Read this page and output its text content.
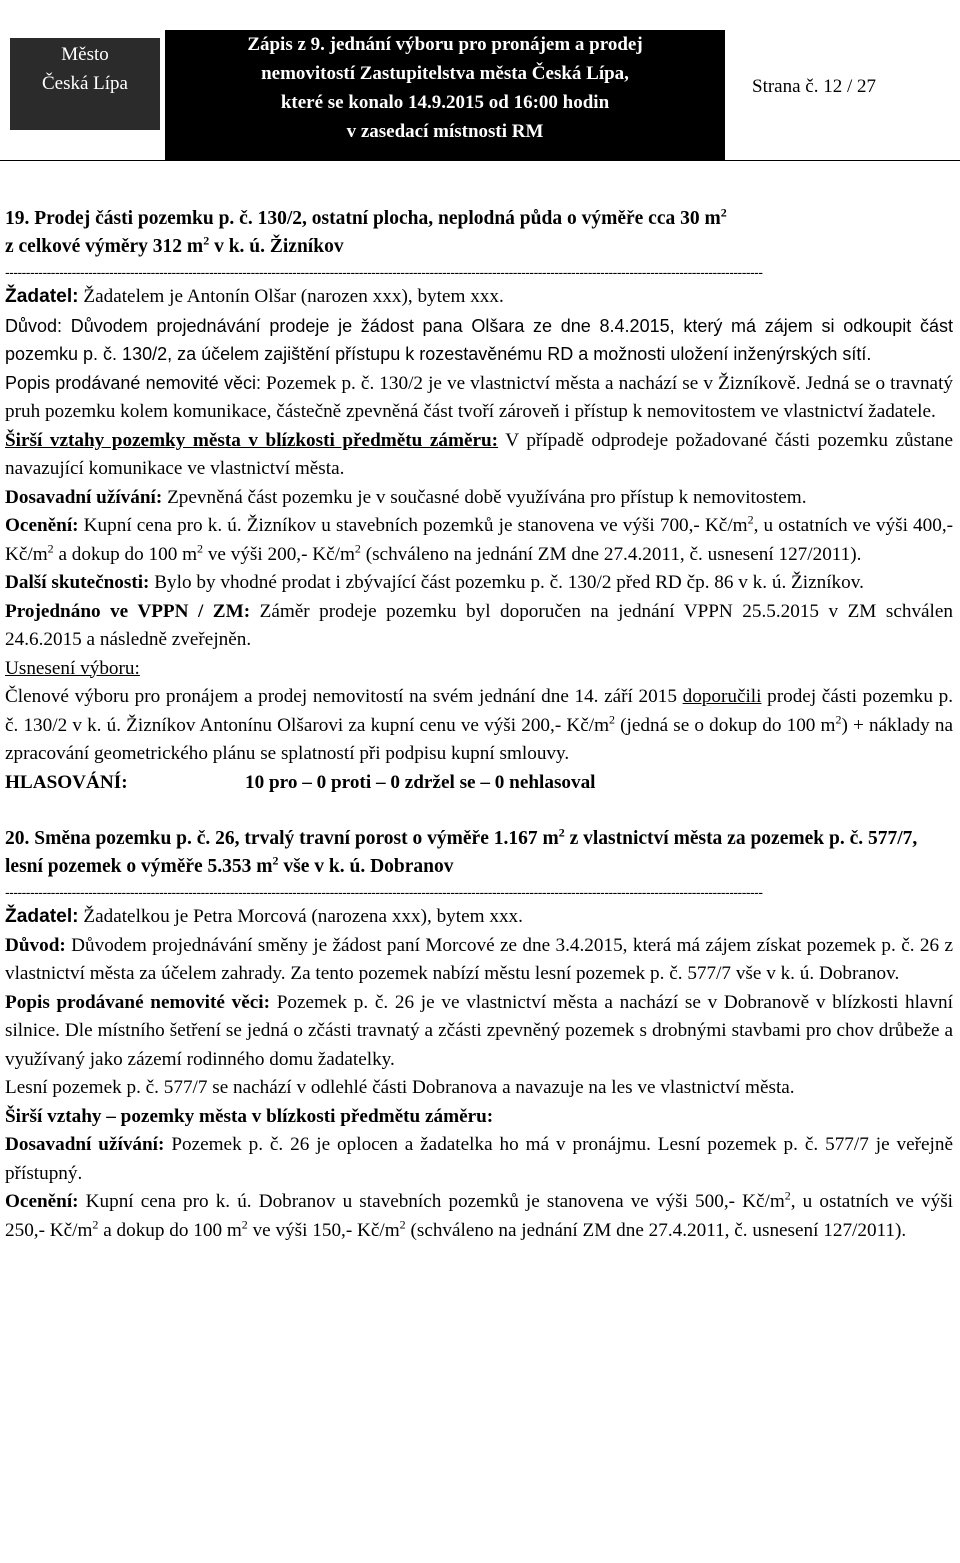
Město
Česká Lípa
Zápis z 9. jednání výboru pro pronájem a prodej
nemovitostí Zastupitelstva města Česká Lípa,
které se konalo 14.9.2015 od 16:00 hodin
v zasedací místnosti RM
Strana č. 12 / 27
19. Prodej části pozemku p. č. 130/2, ostatní plocha, neplodná půda o výměře cca 30 $m^2$
z celkové výměry 312 $m^2$ v k. ú. Žizníkov
--------------------------------------------------------------------------------------------------------------------------------------------------------------------------------------

Žadatel: Žadatelem je Antonín Olšar (narozen xxx), bytem xxx.

Důvod: Důvodem projednávání prodeje je žádost pana Olšara ze dne 8.4.2015, který má zájem si odkoupit část pozemku p. č. 130/2, za účelem zajištění přístupu k rozestavěnému RD a možnosti uložení inženýrských sítí.

Popis prodávané nemovité věci: Pozemek p. č. 130/2 je ve vlastnictví města a nachází se v Žizníkově. Jedná se o travnatý pruh pozemku kolem komunikace, částečně zpevněná část tvoří zároveň i přístup k nemovitostem ve vlastnictví žadatele.

Širší vztahy pozemky města v blízkosti předmětu záměru: V případě odprodeje požadované části pozemku zůstane navazující komunikace ve vlastnictví města.

Dosavadní užívání: Zpevněná část pozemku je v současné době využívána pro přístup k nemovitostem.

Ocenění: Kupní cena pro k. ú. Žizníkov u stavebních pozemků je stanovena ve výši 700,- $Kč/m^2$, u ostatních ve výši 400,- $Kč/m^2$ a dokup do 100 $m^2$ ve výši 200,- $Kč/m^2$ (schváleno na jednání ZM dne 27.4.2011, č. usnesení 127/2011).

Další skutečnosti: Bylo by vhodné prodat i zbývající část pozemku p. č. 130/2 před RD čp. 86 v k. ú. Žizníkov.

Projednáno ve VPPN / ZM: Záměr prodeje pozemku byl doporučen na jednání VPPN 25.5.2015 v ZM schválen 24.6.2015 a následně zveřejněn.

Usnesení výboru:

Členové výboru pro pronájem a prodej nemovitostí na svém jednání dne 14. září 2015 doporučili prodej části pozemku p. č. 130/2 v k. ú. Žizníkov Antonínu Olšarovi za kupní cenu ve výši 200,- $Kč/m^2$ (jedná se o dokup do 100 $m^2$) + náklady na zpracování geometrického plánu se splatností při podpisu kupní smlouvy.

HLASOVÁNÍ:	10 pro – 0 proti – 0 zdržel se – 0 nehlasoval

20. Směna pozemku p. č. 26, trvalý travní porost o výměře 1.167 $m^2$ z vlastnictví města za pozemek p. č. 577/7, lesní pozemek o výměře 5.353 $m^2$ vše v k. ú. Dobranov
--------------------------------------------------------------------------------------------------------------------------------------------------------------------------------------

Žadatel: Žadatelkou je Petra Morcová (narozena xxx), bytem xxx.

Důvod: Důvodem projednávání směny je žádost paní Morcové ze dne 3.4.2015, která má zájem získat pozemek p. č. 26 z vlastnictví města za účelem zahrady. Za tento pozemek nabízí městu lesní pozemek p. č. 577/7 vše v k. ú. Dobranov.

Popis prodávané nemovité věci: Pozemek p. č. 26 je ve vlastnictví města a nachází se v Dobranově v blízkosti hlavní silnice. Dle místního šetření se jedná o zčásti travnatý a zčásti zpevněný pozemek s drobnými stavbami pro chov drůbeže a využívaný jako zázemí rodinného domu žadatelky.

Lesní pozemek p. č. 577/7 se nachází v odlehlé části Dobranova a navazuje na les ve vlastnictví města.

Širší vztahy – pozemky města v blízkosti předmětu záměru:

Dosavadní užívání: Pozemek p. č. 26 je oplocen a žadatelka ho má v pronájmu. Lesní pozemek p. č. 577/7 je veřejně přístupný.

Ocenění: Kupní cena pro k. ú. Dobranov u stavebních pozemků je stanovena ve výši 500,- $Kč/m^2$, u ostatních ve výši 250,- $Kč/m^2$ a dokup do 100 $m^2$ ve výši 150,- $Kč/m^2$ (schváleno na jednání ZM dne 27.4.2011, č. usnesení 127/2011).
